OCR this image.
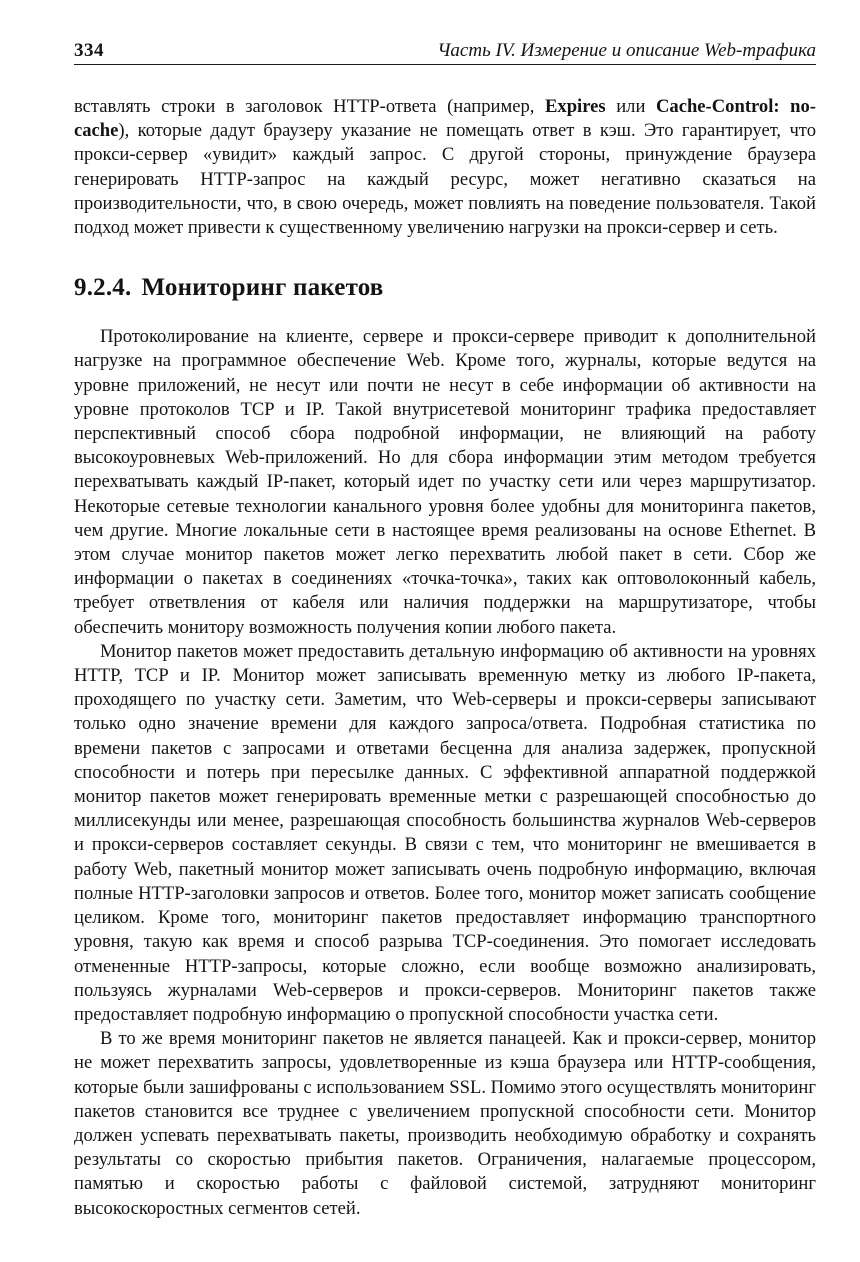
334	Часть IV. Измерение и описание Web-трафика

вставлять строки в заголовок HTTP-ответа (например, Expires или Cache-Control: no-cache), которые дадут браузеру указание не помещать ответ в кэш. Это гарантирует, что прокси-сервер «увидит» каждый запрос. С другой стороны, принуждение браузера генерировать HTTP-запрос на каждый ресурс, может негативно сказаться на производительности, что, в свою очередь, может повлиять на поведение пользователя. Такой подход может привести к существенному увеличению нагрузки на прокси-сервер и сеть.

9.2.4. Мониторинг пакетов

Протоколирование на клиенте, сервере и прокси-сервере приводит к дополнительной нагрузке на программное обеспечение Web. Кроме того, журналы, которые ведутся на уровне приложений, не несут или почти не несут в себе информации об активности на уровне протоколов TCP и IP. Такой внутрисетевой мониторинг трафика предоставляет перспективный способ сбора подробной информации, не влияющий на работу высокоуровневых Web-приложений. Но для сбора информации этим методом требуется перехватывать каждый IP-пакет, который идет по участку сети или через маршрутизатор. Некоторые сетевые технологии канального уровня более удобны для мониторинга пакетов, чем другие. Многие локальные сети в настоящее время реализованы на основе Ethernet. В этом случае монитор пакетов может легко перехватить любой пакет в сети. Сбор же информации о пакетах в соединениях «точка-точка», таких как оптоволоконный кабель, требует ответвления от кабеля или наличия поддержки на маршрутизаторе, чтобы обеспечить монитору возможность получения копии любого пакета.

Монитор пакетов может предоставить детальную информацию об активности на уровнях HTTP, TCP и IP. Монитор может записывать временную метку из любого IP-пакета, проходящего по участку сети. Заметим, что Web-серверы и прокси-серверы записывают только одно значение времени для каждого запроса/ответа. Подробная статистика по времени пакетов с запросами и ответами бесценна для анализа задержек, пропускной способности и потерь при пересылке данных. С эффективной аппаратной поддержкой монитор пакетов может генерировать временные метки с разрешающей способностью до миллисекунды или менее, разрешающая способность большинства журналов Web-серверов и прокси-серверов составляет секунды. В связи с тем, что мониторинг не вмешивается в работу Web, пакетный монитор может записывать очень подробную информацию, включая полные HTTP-заголовки запросов и ответов. Более того, монитор может записать сообщение целиком. Кроме того, мониторинг пакетов предоставляет информацию транспортного уровня, такую как время и способ разрыва TCP-соединения. Это помогает исследовать отмененные HTTP-запросы, которые сложно, если вообще возможно анализировать, пользуясь журналами Web-серверов и прокси-серверов. Мониторинг пакетов также предоставляет подробную информацию о пропускной способности участка сети.

В то же время мониторинг пакетов не является панацеей. Как и прокси-сервер, монитор не может перехватить запросы, удовлетворенные из кэша браузера или HTTP-сообщения, которые были зашифрованы с использованием SSL. Помимо этого осуществлять мониторинг пакетов становится все труднее с увеличением пропускной способности сети. Монитор должен успевать перехватывать пакеты, производить необходимую обработку и сохранять результаты со скоростью прибытия пакетов. Ограничения, налагаемые процессором, памятью и скоростью работы с файловой системой, затрудняют мониторинг высокоскоростных сегментов сетей.
